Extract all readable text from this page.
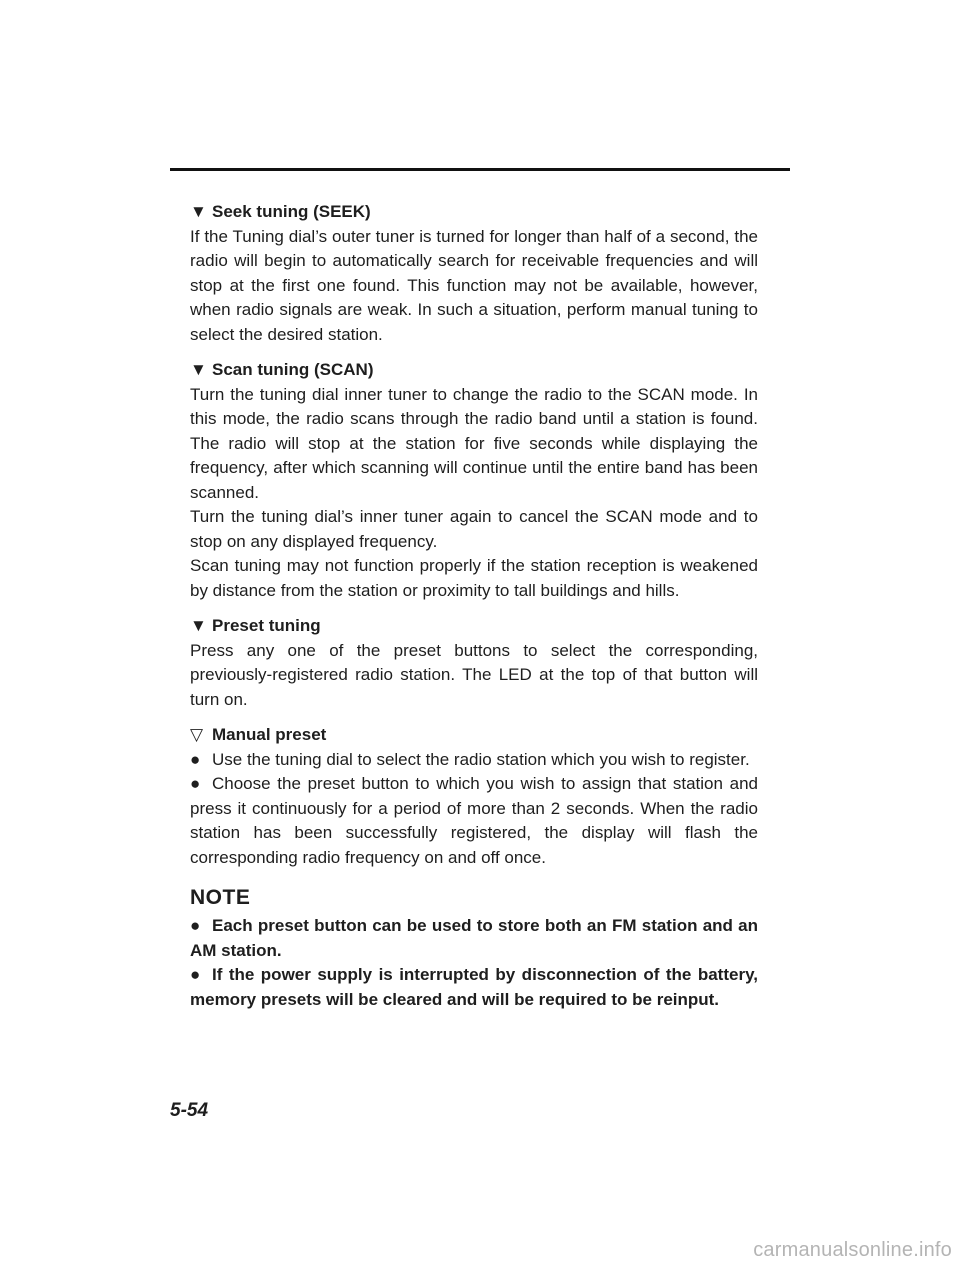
▼ Seek tuning (SEEK)

If the Tuning dial’s outer tuner is turned for longer than half of a second, the radio will begin to automatically search for receivable frequencies and will stop at the first one found. This function may not be available, however, when radio signals are weak. In such a situation, perform manual tuning to select the desired station.

▼ Scan tuning (SCAN)

Turn the tuning dial inner tuner to change the radio to the SCAN mode. In this mode, the radio scans through the radio band until a station is found. The radio will stop at the station for five seconds while displaying the frequency, after which scanning will continue until the entire band has been scanned.

Turn the tuning dial’s inner tuner again to cancel the SCAN mode and to stop on any displayed frequency.

Scan tuning may not function properly if the station reception is weakened by distance from the station or proximity to tall buildings and hills.

▼ Preset tuning

Press any one of the preset buttons to select the corresponding, previously-registered radio station. The LED at the top of that button will turn on.

▽ Manual preset

● Use the tuning dial to select the radio station which you wish to register.

● Choose the preset button to which you wish to assign that station and press it continuously for a period of more than 2 seconds. When the radio station has been successfully registered, the display will flash the corresponding radio frequency on and off once.

NOTE

● Each preset button can be used to store both an FM station and an AM station.

● If the power supply is interrupted by disconnection of the battery, memory presets will be cleared and will be required to be reinput.

5-54
carmanualsonline.info
